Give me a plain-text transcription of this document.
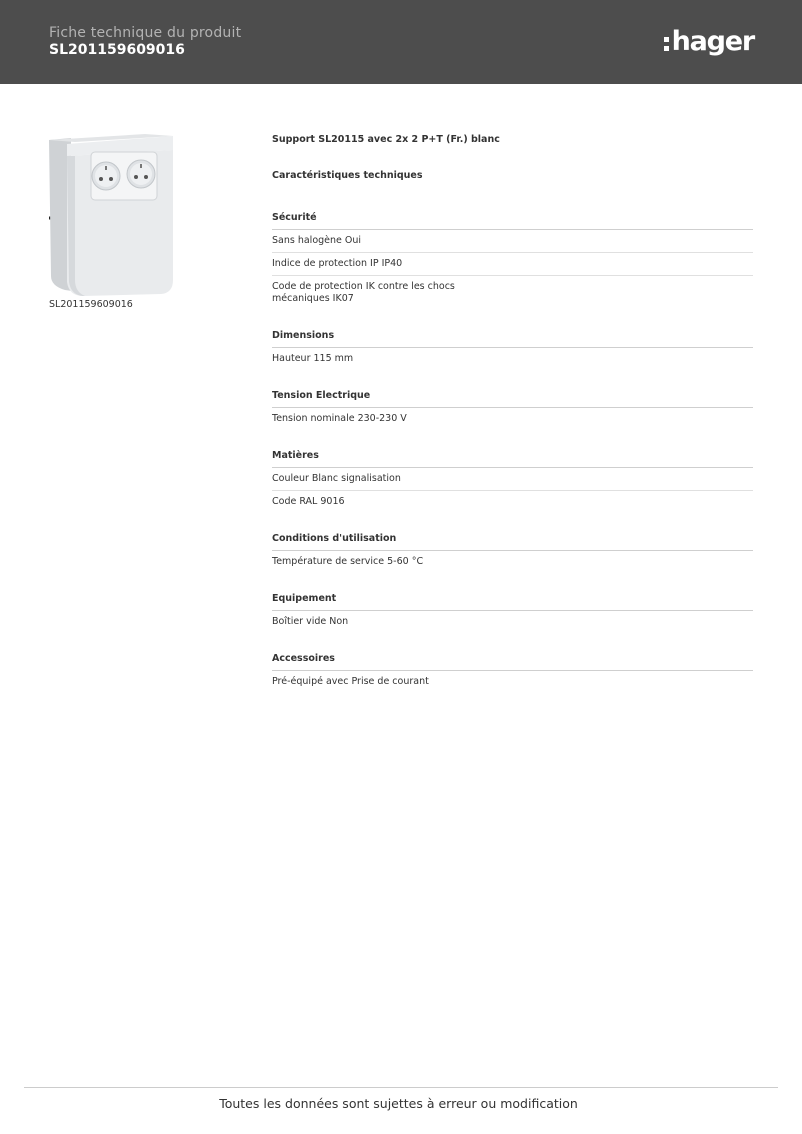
Fiche technique du produit
SL201159609016	hager
SL201159609016
Support SL20115 avec 2x 2 P+T (Fr.) blanc
Caractéristiques techniques
Sécurité
Sans halogène Oui
Indice de protection IP IP40
Code de protection IK contre les chocs mécaniques IK07
Dimensions
Hauteur 115 mm
Tension Electrique
Tension nominale 230-230 V
Matières
Couleur Blanc signalisation
Code RAL 9016
Conditions d'utilisation
Température de service 5-60 °C
Equipement
Boîtier vide Non
Accessoires
Pré-équipé avec Prise de courant
Toutes les données sont sujettes à erreur ou modification
